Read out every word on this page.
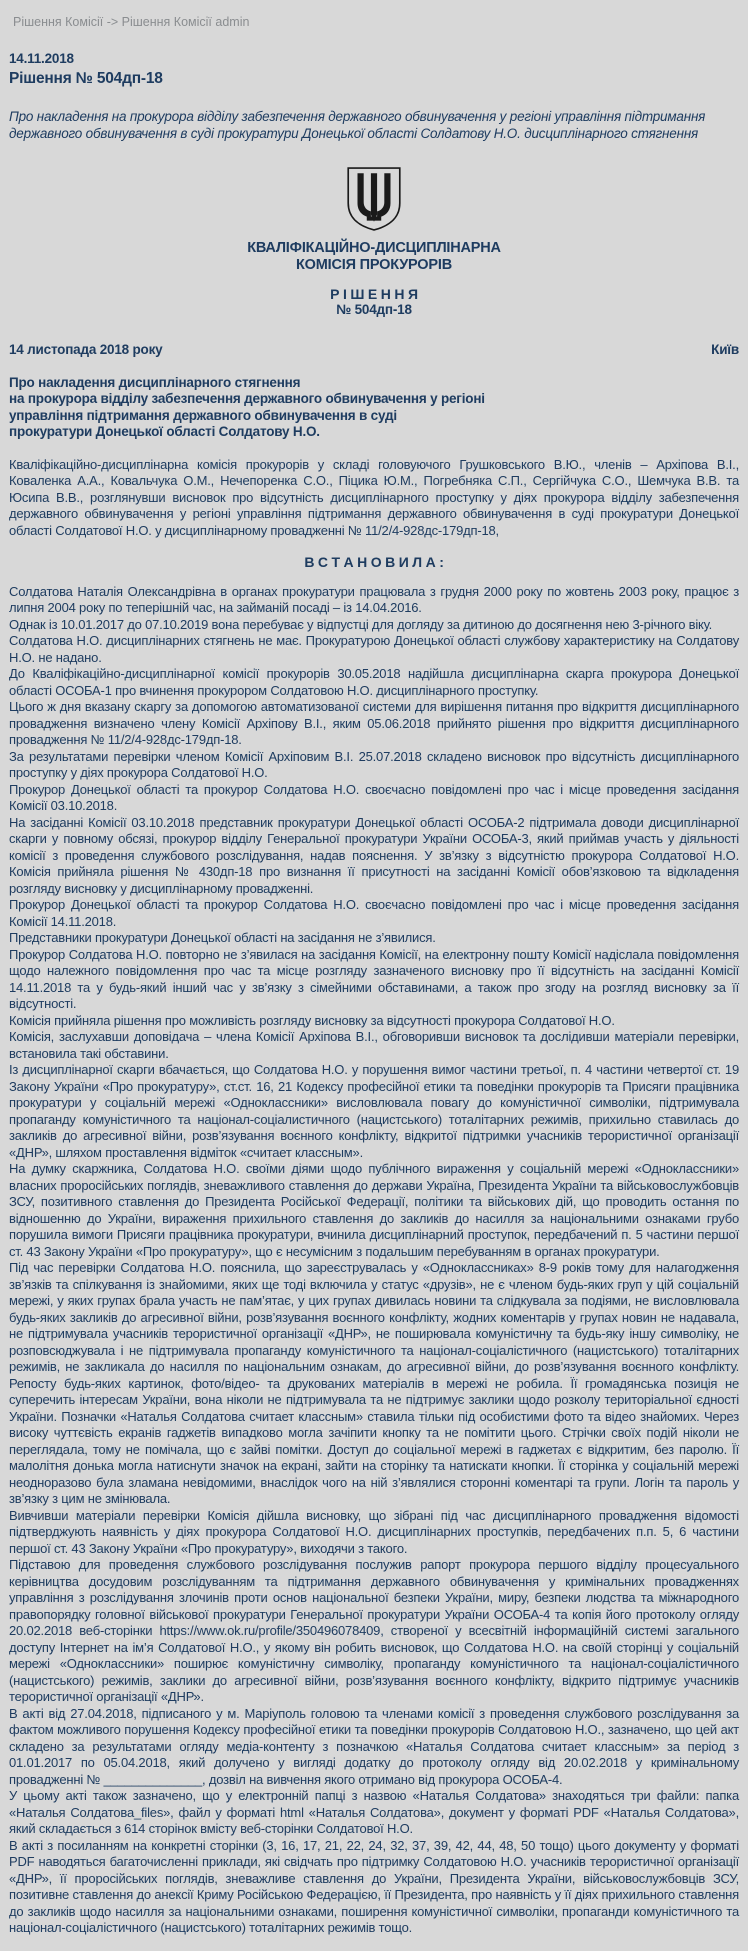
Рішення Комісії -> Рішення Комісії admin
14.11.2018
Рішення № 504дп-18
Про накладення на прокурора відділу забезпечення державного обвинувачення у регіоні управління підтримання державного обвинувачення в суді прокуратури Донецької області Солдатову Н.О. дисциплінарного стягнення
КВАЛІФІКАЦІЙНО-ДИСЦИПЛІНАРНА
КОМІСІЯ ПРОКУРОРІВ
Р І Ш Е Н Н Я
№ 504дп-18
14 листопада 2018 року	Київ
Про накладення дисциплінарного стягнення
на прокурора відділу забезпечення державного обвинувачення у регіоні
управління підтримання державного обвинувачення в суді
прокуратури Донецької області Солдатову Н.О.

Кваліфікаційно-дисциплінарна комісія прокурорів у складі головуючого Грушковського В.Ю., членів – Архіпова В.І., Коваленка А.А., Ковальчука О.М., Нечепоренка С.О., Піцика Ю.М., Погребняка С.П., Сергійчука С.О., Шемчука В.В. та Юсипа В.В., розглянувши висновок про відсутність дисциплінарного проступку у діях прокурора відділу забезпечення державного обвинувачення у регіоні управління підтримання державного обвинувачення в суді прокуратури Донецької області Солдатової Н.О. у дисциплінарному провадженні № 11/2/4-928дс-179дп-18,

В С Т А Н О В И Л А :

Солдатова Наталія Олександрівна в органах прокуратури працювала з грудня 2000 року по жовтень 2003 року, працює з липня 2004 року по теперішній час, на займаній посаді – із 14.04.2016.

Однак із 10.01.2017 до 07.10.2019 вона перебуває у відпустці для догляду за дитиною до досягнення нею 3-річного віку.

Солдатова Н.О. дисциплінарних стягнень не має. Прокуратурою Донецької області службову характеристику на Солдатову Н.О. не надано.

До Кваліфікаційно-дисциплінарної комісії прокурорів 30.05.2018 надійшла дисциплінарна скарга прокурора Донецької області ОСОБА-1 про вчинення прокурором Солдатовою Н.О. дисциплінарного проступку.

Цього ж дня вказану скаргу за допомогою автоматизованої системи для вирішення питання про відкриття дисциплінарного провадження визначено члену Комісії Архіпову В.І., яким 05.06.2018 прийнято рішення про відкриття дисциплінарного провадження № 11/2/4-928дс-179дп-18.

За результатами перевірки членом Комісії Архіповим В.І. 25.07.2018 складено висновок про відсутність дисциплінарного проступку у діях прокурора Солдатової Н.О.

Прокурор Донецької області та прокурор Солдатова Н.О. своєчасно повідомлені про час і місце проведення засідання Комісії 03.10.2018.

На засіданні Комісії 03.10.2018 представник прокуратури Донецької області ОСОБА-2 підтримала доводи дисциплінарної скарги у повному обсязі, прокурор відділу Генеральної прокуратури України ОСОБА-3, який приймав участь у діяльності комісії з проведення службового розслідування, надав пояснення. У зв’язку з відсутністю прокурора Солдатової Н.О. Комісія прийняла рішення № 430дп-18 про визнання її присутності на засіданні Комісії обов’язковою та відкладення розгляду висновку у дисциплінарному провадженні.

Прокурор Донецької області та прокурор Солдатова Н.О. своєчасно повідомлені про час і місце проведення засідання Комісії 14.11.2018.

Представники прокуратури Донецької області на засідання не з’явилися.

Прокурор Солдатова Н.О. повторно не з’явилася на засідання Комісії, на електронну пошту Комісії надіслала повідомлення щодо належного повідомлення про час та місце розгляду зазначеного висновку про її відсутність на засіданні Комісії 14.11.2018 та у будь-який інший час у зв’язку з сімейними обставинами, а також про згоду на розгляд висновку за її відсутності.

Комісія прийняла рішення про можливість розгляду висновку за відсутності прокурора Солдатової Н.О.

Комісія, заслухавши доповідача – члена Комісії Архіпова В.І., обговоривши висновок та дослідивши матеріали перевірки, встановила такі обставини.

Із дисциплінарної скарги вбачається, що Солдатова Н.О. у порушення вимог частини третьої, п. 4 частини четвертої ст. 19 Закону України «Про прокуратуру», ст.ст. 16, 21 Кодексу професійної етики та поведінки прокурорів та Присяги працівника прокуратури у соціальній мережі «Одноклассники» висловлювала повагу до комуністичної символіки, підтримувала пропаганду комуністичного та націонал-соціалистичного (нацистського) тоталітарних режимів, прихильно ставилась до закликів до агресивної війни, розв’язування воєнного конфлікту, відкритої підтримки учасників терористичної організації «ДНР», шляхом проставлення відміток «считает классным».

На думку скаржника, Солдатова Н.О. своїми діями щодо публічного вираження у соціальній мережі «Одноклассники» власних проросійських поглядів, зневажливого ставлення до держави Україна, Президента України та військовослужбовців ЗСУ, позитивного ставлення до Президента Російської Федерації, політики та військових дій, що проводить остання по відношенню до України, вираження прихильного ставлення до закликів до насилля за національними ознаками грубо порушила вимоги Присяги працівника прокуратури, вчинила дисциплінарний проступок, передбачений п. 5 частини першої ст. 43 Закону України «Про прокуратуру», що є несумісним з подальшим перебуванням в органах прокуратури.

Під час перевірки Солдатова Н.О. пояснила, що зареєструвалась у «Одноклассниках» 8-9 років тому для налагодження зв’язків та спілкування із знайомими, яких ще тоді включила у статус «друзів», не є членом будь-яких груп у цій соціальній мережі, у яких групах брала участь не пам’ятає, у цих групах дивилась новини та слідкувала за подіями, не висловлювала будь-яких закликів до агресивної війни, розв’язування воєнного конфлікту, жодних коментарів у групах новин не надавала, не підтримувала учасників терористичної організації «ДНР», не поширювала комуністичну та будь-яку іншу символіку, не розповсюджувала і не підтримувала пропаганду комуністичного та націонал-соціалістичного (нацистського) тоталітарних режимів, не закликала до насилля по національним ознакам, до агресивної війни, до розв’язування воєнного конфлікту. Репосту будь-яких картинок, фото/відео- та друкованих матеріалів в мережі не робила. Її громадянська позиція не суперечить інтересам України, вона ніколи не підтримувала та не підтримує заклики щодо розколу територіальної єдності України. Позначки «Наталья Солдатова считает классным» ставила тільки під особистими фото та відео знайомих. Через високу чуттєвість екранів гаджетів випадково могла зачіпити кнопку та не помітити цього. Стрічки своїх подій ніколи не переглядала, тому не помічала, що є зайві помітки. Доступ до соціальної мережі в гаджетах є відкритим, без паролю. Її малолітня донька могла натиснути значок на екрані, зайти на сторінку та натискати кнопки. Її сторінка у соціальній мережі неодноразово була зламана невідомими, внаслідок чого на ній з’являлися сторонні коментарі та групи. Логін та пароль у зв’язку з цим не змінювала.

Вивчивши матеріали перевірки Комісія дійшла висновку, що зібрані під час дисциплінарного провадження відомості підтверджують наявність у діях прокурора Солдатової Н.О. дисциплінарних проступків, передбачених п.п. 5, 6 частини першої ст. 43 Закону України «Про прокуратуру», виходячи з такого.

Підставою для проведення службового розслідування послужив рапорт прокурора першого відділу процесуального керівництва досудовим розслідуванням та підтримання державного обвинувачення у кримінальних провадженнях управління з розслідування злочинів проти основ національної безпеки України, миру, безпеки людства та міжнародного правопорядку головної військової прокуратури Генеральної прокуратури України ОСОБА-4 та копія його протоколу огляду 20.02.2018 веб-сторінки https://www.ok.ru/profile/350496078409, створеної у всесвітній інформаційній системі загального доступу Інтернет на ім’я Солдатової Н.О., у якому він робить висновок, що Солдатова Н.О. на своїй сторінці у соціальній мережі «Одноклассники» поширює комуністичну символіку, пропаганду комуністичного та націонал-соціалістичного (нацистського) режимів, заклики до агресивної війни, розв’язування воєнного конфлікту, відкрито підтримує учасників терористичної організації «ДНР».

В акті від 27.04.2018, підписаного у м. Маріуполь головою та членами комісії з проведення службового розслідування за фактом можливого порушення Кодексу професійної етики та поведінки прокурорів Солдатовою Н.О., зазначено, що цей акт складено за результатами огляду медіа-контенту з позначкою «Наталья Солдатова считает классным» за період з 01.01.2017 по 05.04.2018, який долучено у вигляді додатку до протоколу огляду від 20.02.2018 у кримінальному провадженні № ______________, дозвіл на вивчення якого отримано від прокурора ОСОБА-4.

У цьому акті також зазначено, що у електронній папці з назвою «Наталья Солдатова» знаходяться три файли: папка «Наталья Солдатова_files», файл у форматі html «Наталья Солдатова», документ у форматі PDF «Наталья Солдатова», який складається з 614 сторінок вмісту веб-сторінки Солдатової Н.О.

В акті з посиланням на конкретні сторінки (3, 16, 17, 21, 22, 24, 32, 37, 39, 42, 44, 48, 50 тощо) цього документу у форматі PDF наводяться багаточисленні приклади, які свідчать про підтримку Солдатовою Н.О. учасників терористичної організації «ДНР», її проросійських поглядів, зневажливе ставлення до України, Президента України, військовослужбовців ЗСУ, позитивне ставлення до анексії Криму Російською Федерацією, її Президента, про наявність у її діях прихильного ставлення до закликів щодо насилля за національними ознаками, поширення комуністичної символіки, пропаганди комуністичного та націонал-соціалістичного (нацистського) тоталітарних режимів тощо.
